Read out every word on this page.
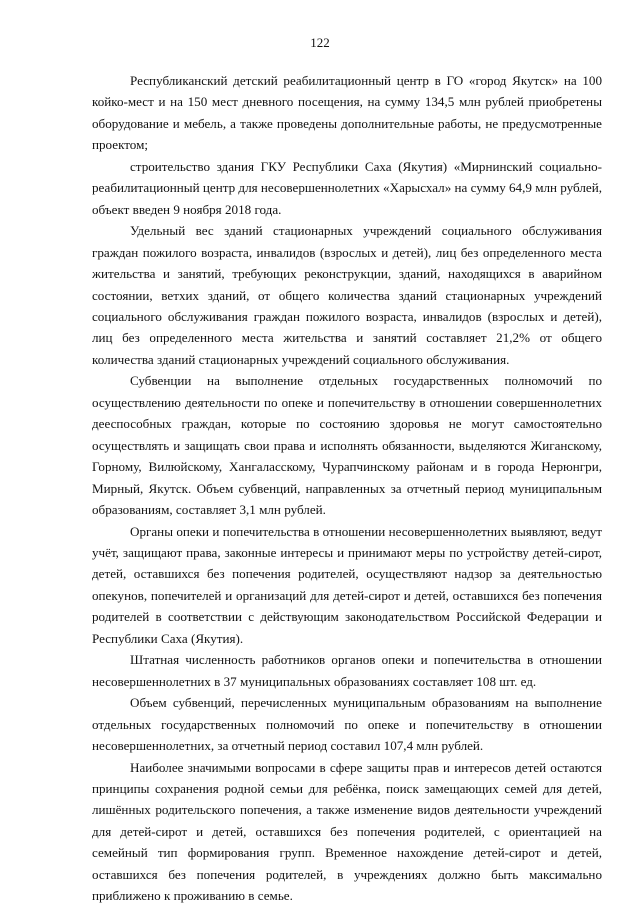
122

Республиканский детский реабилитационный центр в ГО «город Якутск» на 100 койко-мест и на 150 мест дневного посещения, на сумму 134,5 млн рублей приобретены оборудование и мебель, а также проведены дополнительные работы, не предусмотренные проектом;

строительство здания ГКУ Республики Саха (Якутия) «Мирнинский социально-реабилитационный центр для несовершеннолетних «Харысхал» на сумму 64,9 млн рублей, объект введен 9 ноября 2018 года.

Удельный вес зданий стационарных учреждений социального обслуживания граждан пожилого возраста, инвалидов (взрослых и детей), лиц без определенного места жительства и занятий, требующих реконструкции, зданий, находящихся в аварийном состоянии, ветхих зданий, от общего количества зданий стационарных учреждений социального обслуживания граждан пожилого возраста, инвалидов (взрослых и детей), лиц без определенного места жительства и занятий составляет 21,2% от общего количества зданий стационарных учреждений социального обслуживания.

Субвенции на выполнение отдельных государственных полномочий по осуществлению деятельности по опеке и попечительству в отношении совершеннолетних дееспособных граждан, которые по состоянию здоровья не могут самостоятельно осуществлять и защищать свои права и исполнять обязанности, выделяются Жиганскому, Горному, Вилюйскому, Хангаласскому, Чурапчинскому районам и в города Нерюнгри, Мирный, Якутск. Объем субвенций, направленных за отчетный период муниципальным образованиям, составляет 3,1 млн рублей.

Органы опеки и попечительства в отношении несовершеннолетних выявляют, ведут учёт, защищают права, законные интересы и принимают меры по устройству детей-сирот, детей, оставшихся без попечения родителей, осуществляют надзор за деятельностью опекунов, попечителей и организаций для детей-сирот и детей, оставшихся без попечения родителей в соответствии с действующим законодательством Российской Федерации и Республики Саха (Якутия).

Штатная численность работников органов опеки и попечительства в отношении несовершеннолетних в 37 муниципальных образованиях составляет 108 шт. ед.

Объем субвенций, перечисленных муниципальным образованиям на выполнение отдельных государственных полномочий по опеке и попечительству в отношении несовершеннолетних, за отчетный период составил 107,4 млн рублей.

Наиболее значимыми вопросами в сфере защиты прав и интересов детей остаются принципы сохранения родной семьи для ребёнка, поиск замещающих семей для детей, лишённых родительского попечения, а также изменение видов деятельности учреждений для детей-сирот и детей, оставшихся без попечения родителей, с ориентацией на семейный тип формирования групп. Временное нахождение детей-сирот и детей, оставшихся без попечения родителей, в учреждениях должно быть максимально приближено к проживанию в семье.
